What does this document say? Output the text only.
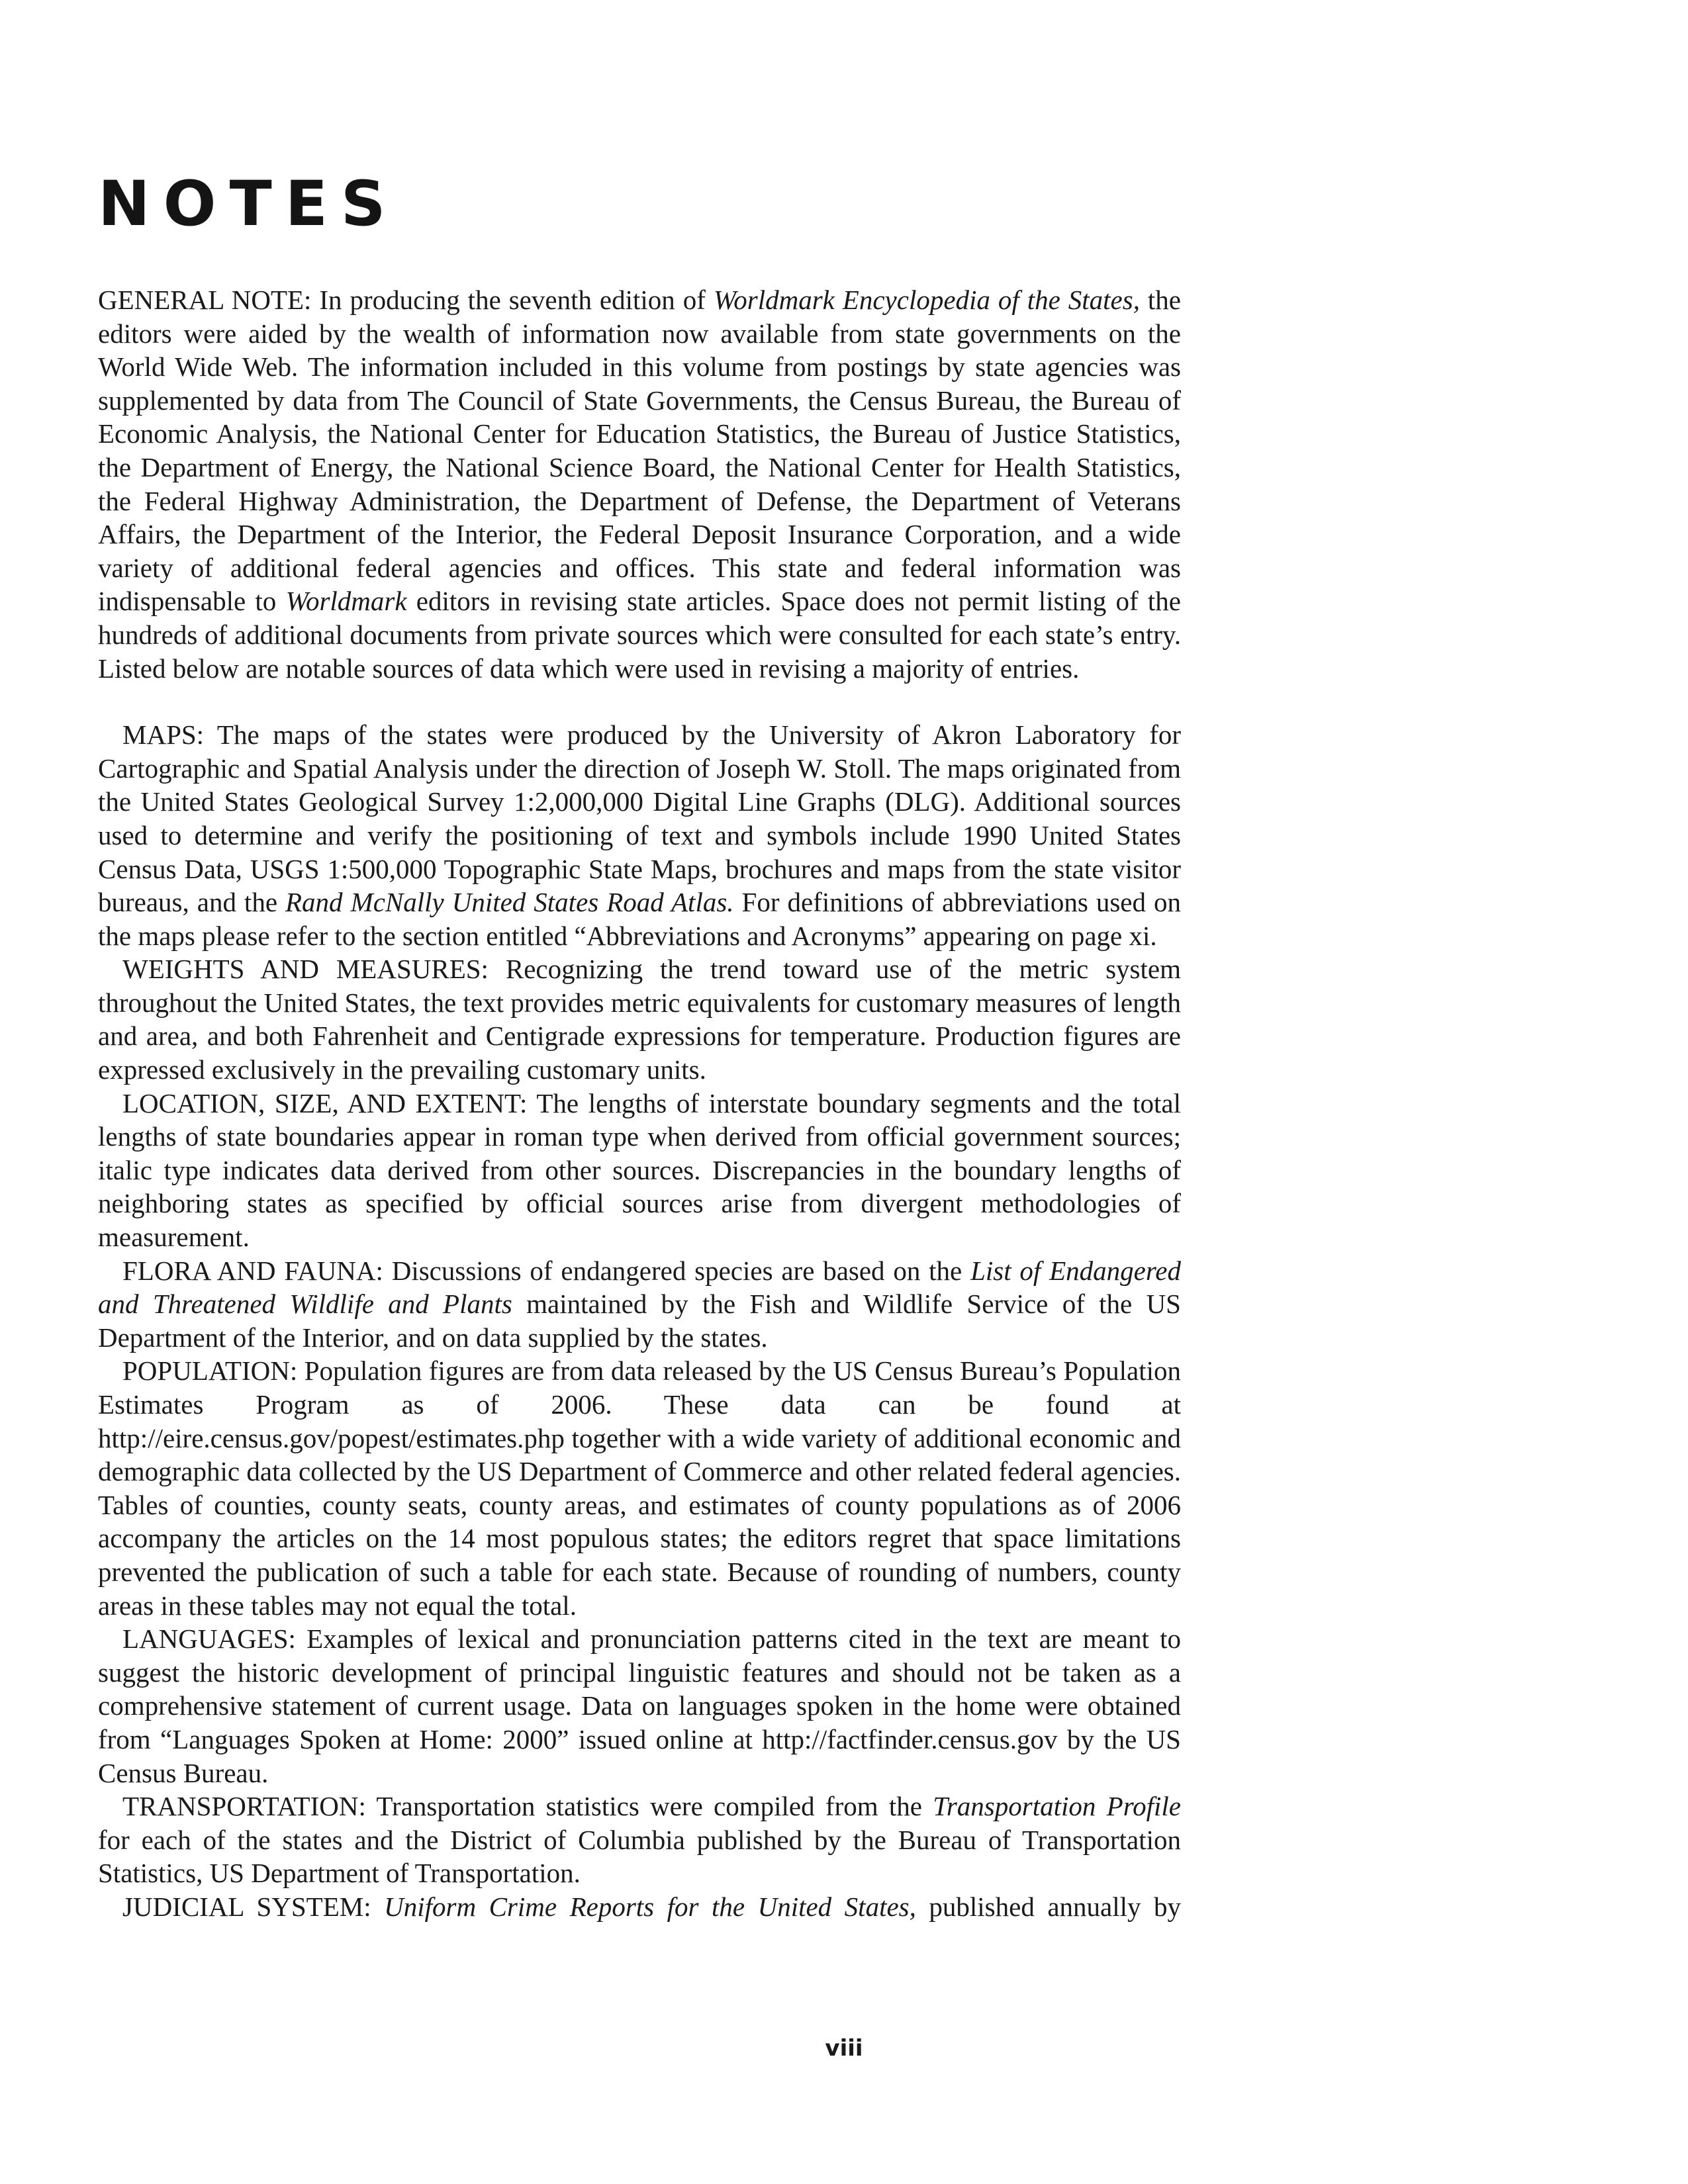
NOTES

GENERAL NOTE: In producing the seventh edition of Worldmark Encyclopedia of the States, the editors were aided by the wealth of information now available from state governments on the World Wide Web. The information included in this volume from postings by state agencies was supplemented by data from The Council of State Governments, the Census Bureau, the Bureau of Economic Analysis, the National Center for Education Statistics, the Bureau of Justice Statistics, the Department of Energy, the National Science Board, the National Center for Health Statistics, the Federal Highway Administration, the Department of Defense, the Department of Veterans Affairs, the Department of the Interior, the Federal Deposit Insurance Corporation, and a wide variety of additional federal agencies and offices. This state and federal information was indispensable to Worldmark editors in revising state articles. Space does not permit listing of the hundreds of additional documents from private sources which were consulted for each state’s entry. Listed below are notable sources of data which were used in revising a majority of entries.

MAPS: The maps of the states were produced by the University of Akron Laboratory for Cartographic and Spatial Analysis under the direction of Joseph W. Stoll. The maps originated from the United States Geological Survey 1:2,000,000 Digital Line Graphs (DLG). Additional sources used to determine and verify the positioning of text and symbols include 1990 United States Census Data, USGS 1:500,000 Topographic State Maps, brochures and maps from the state visitor bureaus, and the Rand McNally United States Road Atlas. For definitions of abbreviations used on the maps please refer to the section entitled “Abbreviations and Acronyms” appearing on page xi.

WEIGHTS AND MEASURES: Recognizing the trend toward use of the metric system throughout the United States, the text provides metric equivalents for customary measures of length and area, and both Fahrenheit and Centigrade expressions for temperature. Production figures are expressed exclusively in the prevailing customary units.

LOCATION, SIZE, AND EXTENT: The lengths of interstate boundary segments and the total lengths of state boundaries appear in roman type when derived from official government sources; italic type indicates data derived from other sources. Discrepancies in the boundary lengths of neighboring states as specified by official sources arise from divergent methodologies of measurement.

FLORA AND FAUNA: Discussions of endangered species are based on the List of Endangered and Threatened Wildlife and Plants maintained by the Fish and Wildlife Service of the US Department of the Interior, and on data supplied by the states.

POPULATION: Population figures are from data released by the US Census Bureau’s Population Estimates Program as of 2006. These data can be found at http://eire.census.gov/popest/estimates.php together with a wide variety of additional economic and demographic data collected by the US Department of Commerce and other related federal agencies. Tables of counties, county seats, county areas, and estimates of county populations as of 2006 accompany the articles on the 14 most populous states; the editors regret that space limitations prevented the publication of such a table for each state. Because of rounding of numbers, county areas in these tables may not equal the total.

LANGUAGES: Examples of lexical and pronunciation patterns cited in the text are meant to suggest the historic development of principal linguistic features and should not be taken as a comprehensive statement of current usage. Data on languages spoken in the home were obtained from “Languages Spoken at Home: 2000” issued online at http://factfinder.census.gov by the US Census Bureau.

TRANSPORTATION: Transportation statistics were compiled from the Transportation Profile for each of the states and the District of Columbia published by the Bureau of Transportation Statistics, US Department of Transportation.

JUDICIAL SYSTEM: Uniform Crime Reports for the United States, published annually by

viii
